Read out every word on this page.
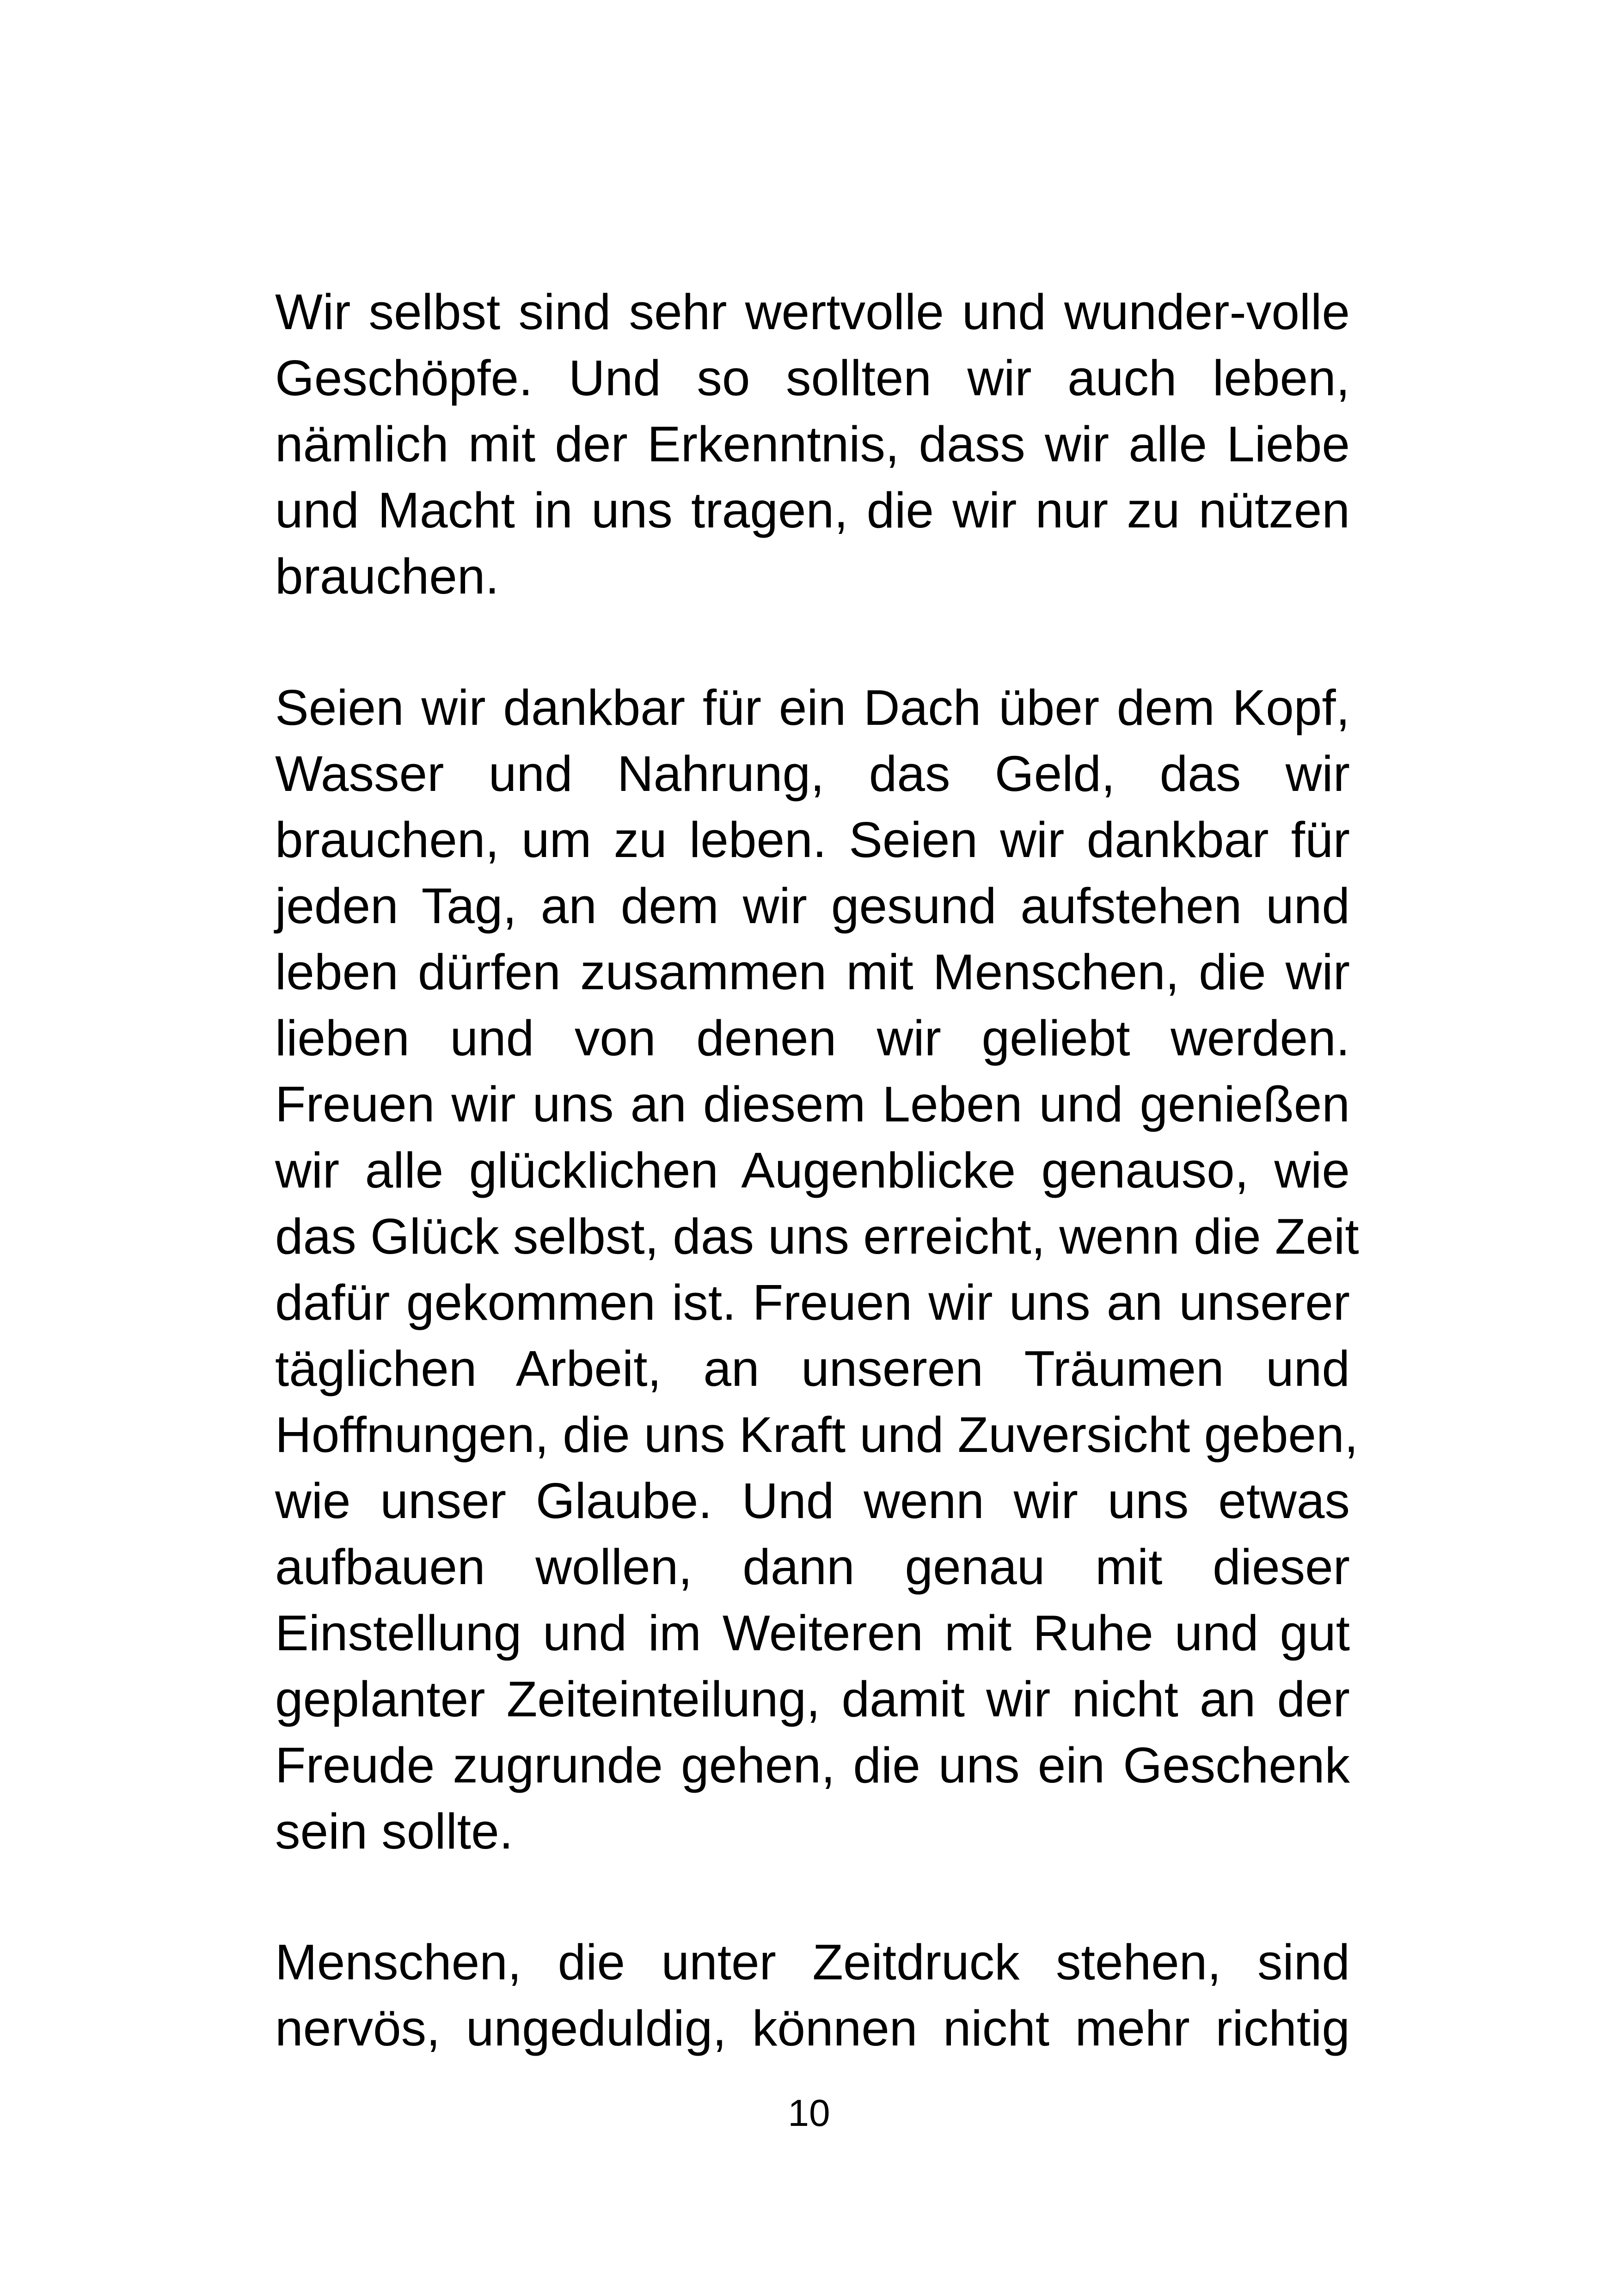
Wir selbst sind sehr wertvolle und wunder-volle
Geschöpfe. Und so sollten wir auch leben,
nämlich mit der Erkenntnis, dass wir alle Liebe
und Macht in uns tragen, die wir nur zu nützen
brauchen.

Seien wir dankbar für ein Dach über dem Kopf,
Wasser und Nahrung, das Geld, das wir
brauchen, um zu leben. Seien wir dankbar für
jeden Tag, an dem wir gesund aufstehen und
leben dürfen zusammen mit Menschen, die wir
lieben und von denen wir geliebt werden.
Freuen wir uns an diesem Leben und genießen
wir alle glücklichen Augenblicke genauso, wie
das Glück selbst, das uns erreicht, wenn die Zeit
dafür gekommen ist. Freuen wir uns an unserer
täglichen Arbeit, an unseren Träumen und
Hoffnungen, die uns Kraft und Zuversicht geben,
wie unser Glaube. Und wenn wir uns etwas
aufbauen wollen, dann genau mit dieser
Einstellung und im Weiteren mit Ruhe und gut
geplanter Zeiteinteilung, damit wir nicht an der
Freude zugrunde gehen, die uns ein Geschenk
sein sollte.

Menschen, die unter Zeitdruck stehen, sind
nervös, ungeduldig, können nicht mehr richtig

10
